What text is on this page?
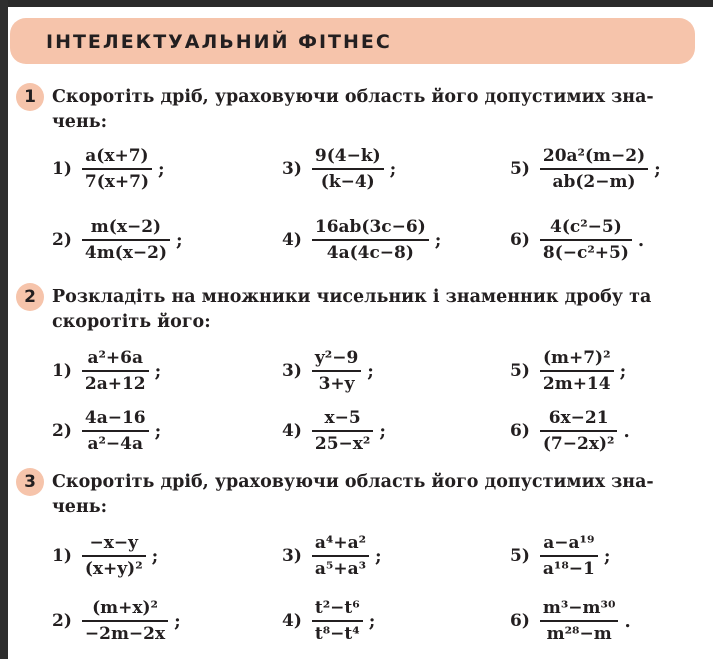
ІНТЕЛЕКТУАЛЬНИЙ ФІТНЕС
1 Скоротіть дріб, ураховуючи область його допустимих зна-
чень:
$1) \frac{a(x+7)}{7(x+7)}$ ;	$3) \frac{9(4-k)}{(k-4)}$ ;	$5) \frac{\text{20a²(m−2)}}{ab(2-m)}$ ;
$2) \frac{m(x-2)}{4m(x-2)}$ ;	$4) \frac{16ab(3c-6)}{4a(4c-8)}$ ;	$6) \frac{\text{4(c²−5)}}{\text{8(−c²+5)}}$ .
2 Розкладіть на множники чисельник і знаменник дробу та
скоротіть його:
$1) \frac{\text{a²+6a}}{2a+12}$ ;	$3) \frac{\text{y²−9}}{3+y}$ ;	$5) \frac{\text{(m+7)²}}{2m+14}$ ;
$2) \frac{4a-16}{\text{a²−4a}}$ ;	$4) \frac{x-5}{\text{25−x²}}$ ;	$6) \frac{6x-21}{\text{(7−2x)²}}$ .
3 Скоротіть дріб, ураховуючи область його допустимих зна-
чень:
$1) \frac{-x-y}{\text{(x+y)²}}$ ;	$3) \frac{\text{a⁴+a²}}{\text{a⁵+a³}}$ ;	$5) \frac{\text{a−a¹⁹}}{\text{a¹⁸−1}}$ ;
$2) \frac{\text{(m+x)²}}{-2m-2x}$ ;	$4) \frac{\text{t²−t⁶}}{\text{t⁸−t⁴}}$ ;	$6) \frac{\text{m³−m³⁰}}{\text{m²⁸−m}}$ .
